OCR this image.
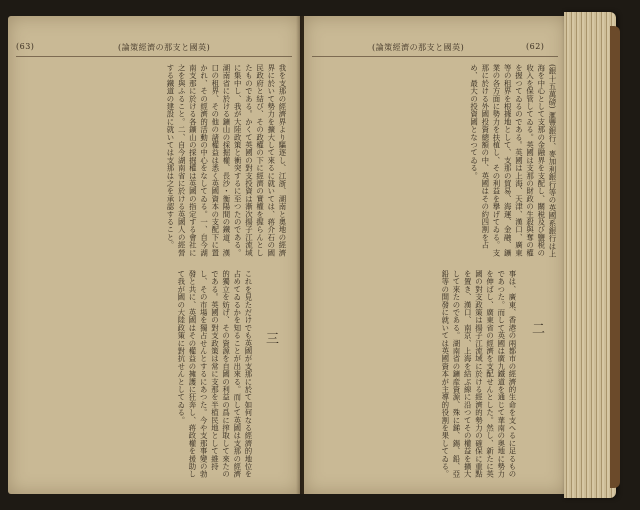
(63)	(論策經濟の那支と國英)
我を支那の經濟界より驅逐し、江浙、湖南と奥地の經濟界に於いて勢力を擴大して來るに就いては、蒋介石の國民政府と結び、その政權の下に經濟の實權を握らんとしたものである。かくて英國の對支投資は漸次揚子江流域に集中し、我が大陸政策と衝突するに至つたのである。湖南省に於ける鑛山の採掘權、長沙・衡陽間の鐵道、漢口の租界、その他の諸權益は悉く英國資本の支配下に置かれ、その經濟的活動の中心をなしてゐる。一、自今湖南支那に於ける各鑛山の採掘權は英國の指定する會社に之を與ふること。二、自今湖南省に於ける英國人の經營する鐵道の建設に就いては支那は之を承認すること。
これを見ただけでも英國が支那に於て如何なる經濟的地位を占めてゐるかを知ることが出來る。而して英國は支那の經濟的獨立を妨げ、その資源を自國の利益の爲に搾取して來たのである。英國の對支政策は常に支那を半植民地として維持し、その市場を獨占せんとするにあつた。今や支那事變の勃發と共に、英國はその權益の擁護に狂奔し、蒋政權を援助して我が國の大陸政策に對抗せんとしてゐる。	三
(論策經濟の那支と國英)	(62)
(銀十五萬磅) 滙豐銀行、麥加利銀行等の英國系銀行は上海を中心として支那の金融界を支配し、關税及び鹽税の收入を保管してゐる。英國は支那の財政の生殺與奪の權を握つてゐるのである。英國は上海、天津、漢口、廣東等の租界を根據地として、支那の貿易、海運、金融、鑛業の各方面に勢力を扶植し、その利益を擧げてゐる。支那に於ける外國投資總額の中、英國はその約四割を占め、最大の投資國となつてゐる。
事は、廣東、香港の兩都市の經濟的生命を支へるに足るものであつた。而して英國は廣九鐵道を通じて華南の奥地に勢力を伸ばし、廣東省の經濟を支配せんとした。然し、新たに英國の對支政策は揚子江流域に於ける經濟的勢力の確保に重點を置き、漢口、南京、上海を結ぶ線に沿つてその權益を擴大して來たのである。湖南省の鑛産資源、殊に銻、錫、鉛、亞鉛等の開發に就いては英國資本が主導的役割を果してゐる。	二
